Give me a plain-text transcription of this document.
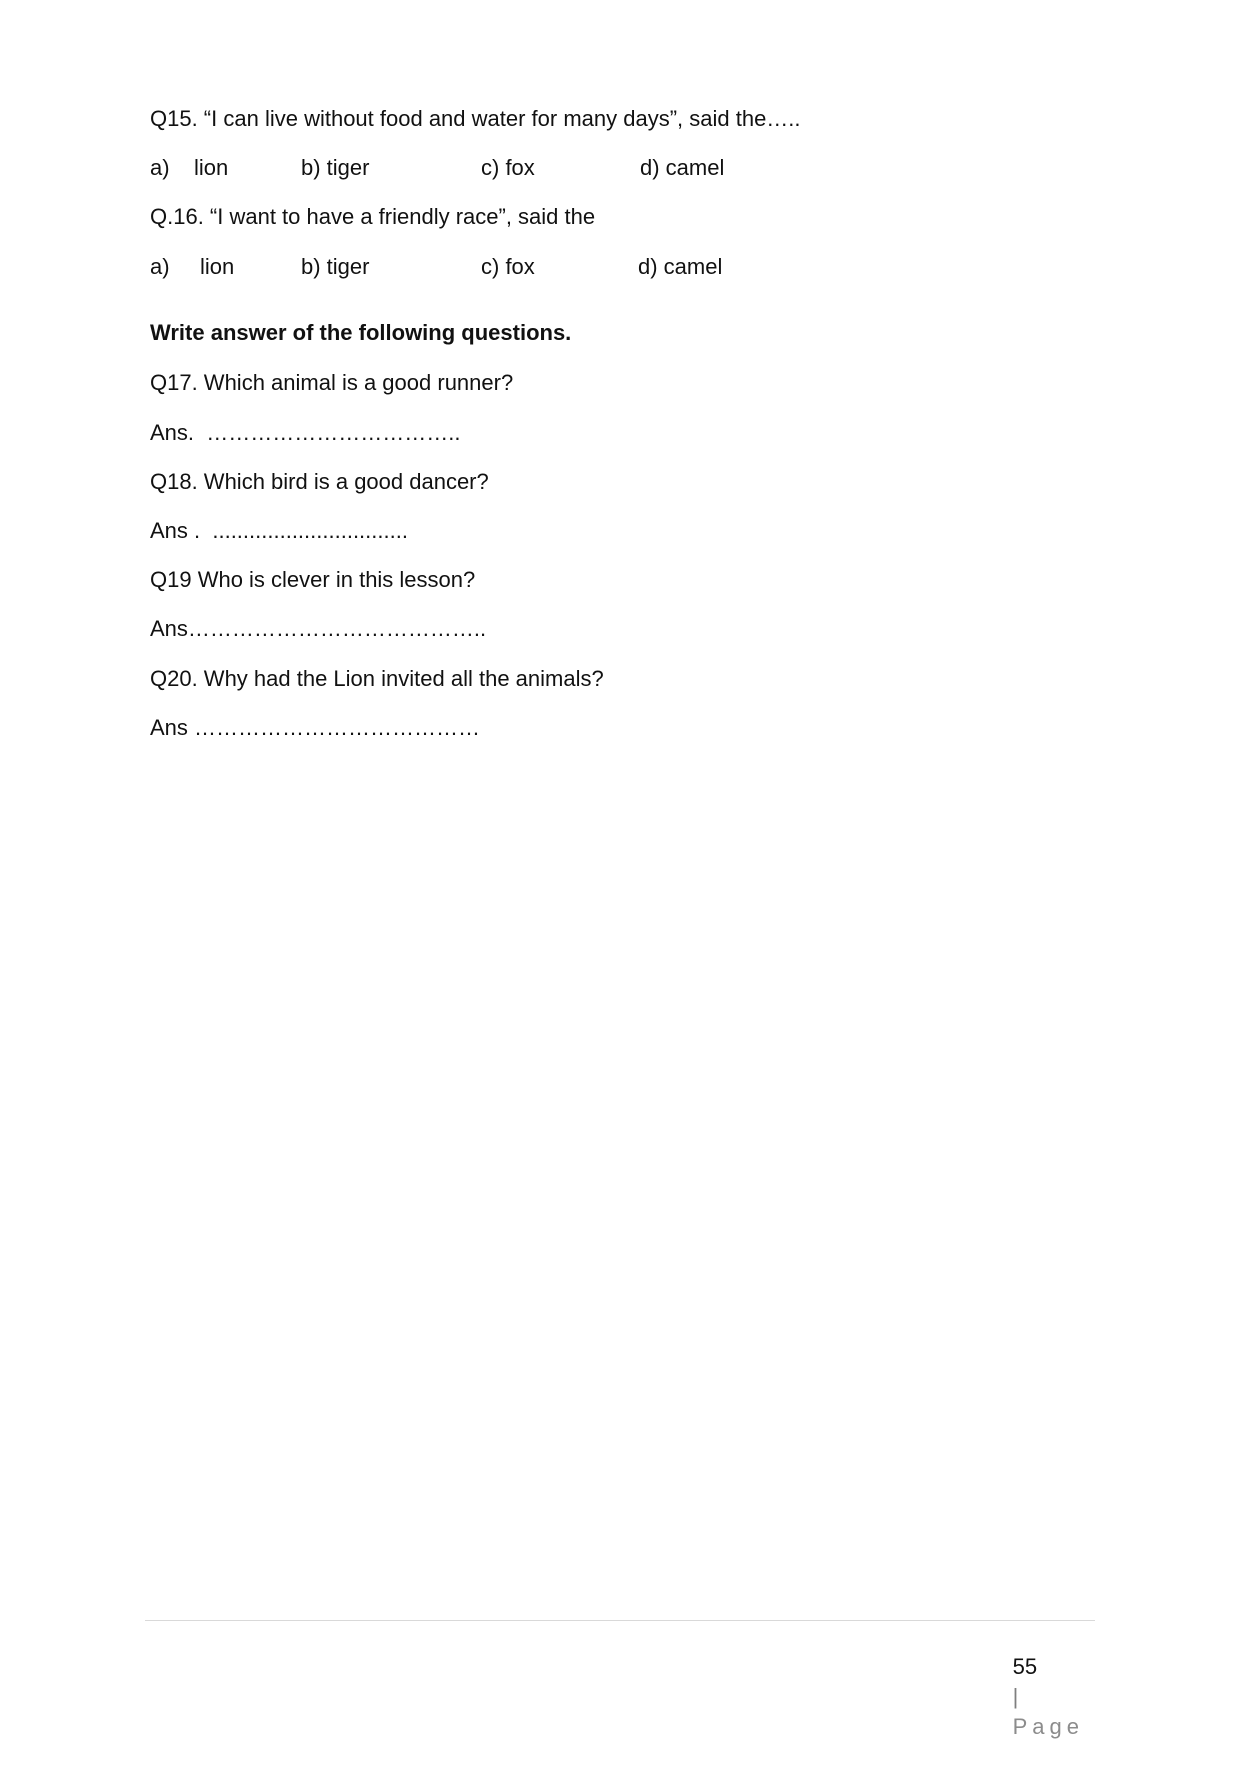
Q15. “I can live without food and water for many days”, said the…..
a) lion	b) tiger	c) fox	d) camel
Q.16. “I want to have a friendly race”, said the
a) lion	b) tiger	c) fox	d) camel
Write answer of the following questions.
Q17. Which animal is a good runner?
Ans.  ……………………………..
Q18. Which bird is a good dancer?
Ans .  ................................
Q19 Who is clever in this lesson?
Ans…………………………………..
Q20. Why had the Lion invited all the animals?
Ans …………………………………

55
|
Page
